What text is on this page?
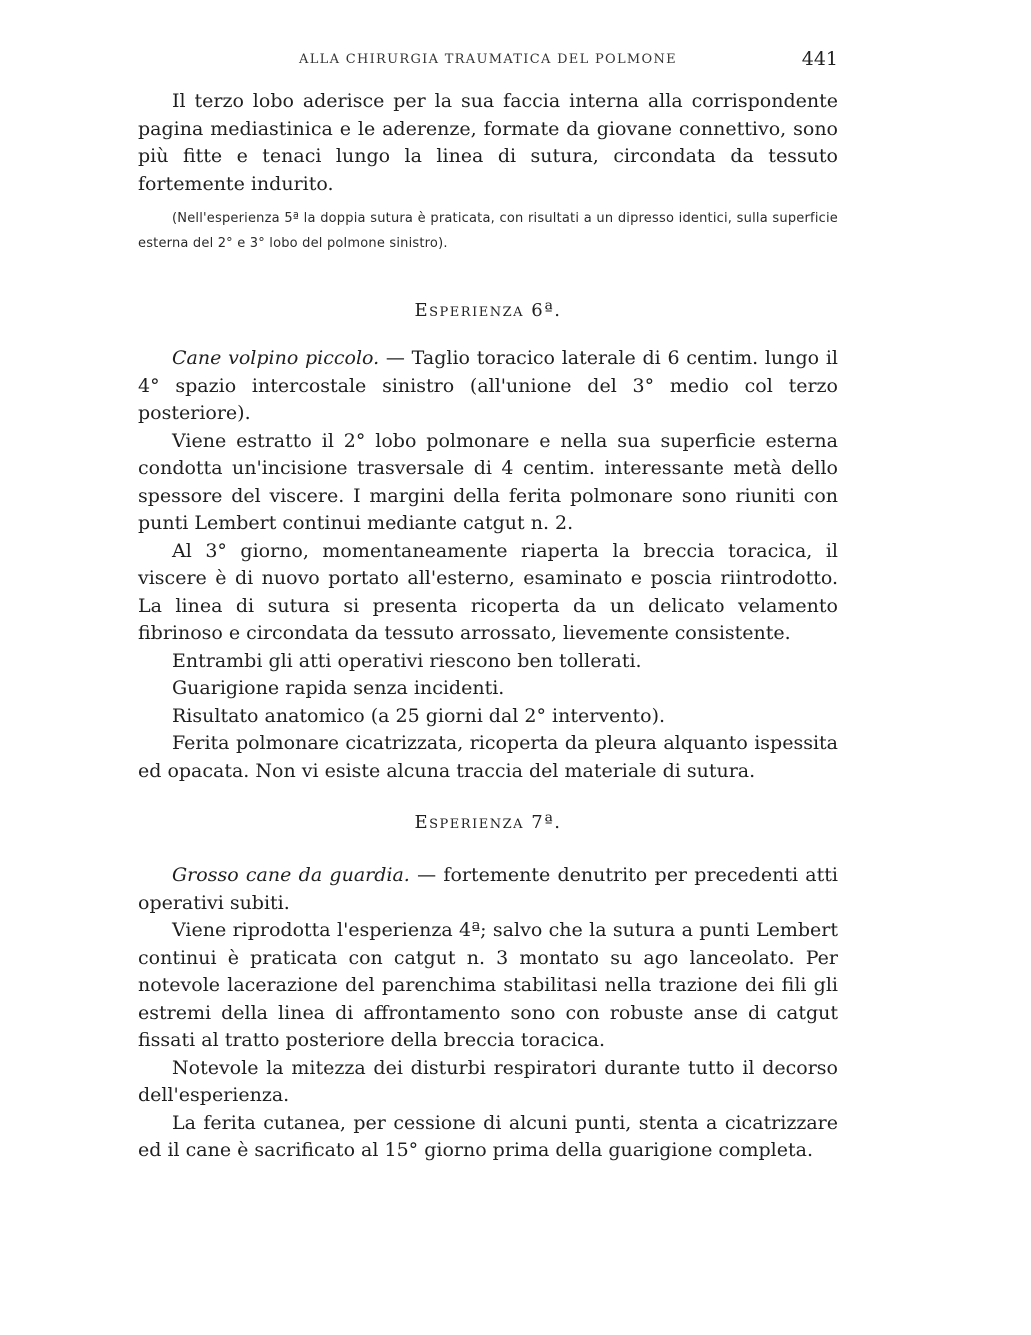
ALLA CHIRURGIA TRAUMATICA DEL POLMONE	441

Il terzo lobo aderisce per la sua faccia interna alla corrispondente pagina mediastinica e le aderenze, formate da giovane connettivo, sono più fitte e tenaci lungo la linea di sutura, circondata da tessuto fortemente indurito.

(Nell'esperienza 5ª la doppia sutura è praticata, con risultati a un dipresso identici, sulla superficie esterna del 2° e 3° lobo del polmone sinistro).

Esperienza 6ª.

Cane volpino piccolo. — Taglio toracico laterale di 6 centim. lungo il 4° spazio intercostale sinistro (all'unione del 3° medio col terzo posteriore).

Viene estratto il 2° lobo polmonare e nella sua superficie esterna condotta un'incisione trasversale di 4 centim. interessante metà dello spessore del viscere. I margini della ferita polmonare sono riuniti con punti Lembert continui mediante catgut n. 2.

Al 3° giorno, momentaneamente riaperta la breccia toracica, il viscere è di nuovo portato all'esterno, esaminato e poscia riintrodotto. La linea di sutura si presenta ricoperta da un delicato velamento fibrinoso e circondata da tessuto arrossato, lievemente consistente.

Entrambi gli atti operativi riescono ben tollerati.

Guarigione rapida senza incidenti.

Risultato anatomico (a 25 giorni dal 2° intervento).

Ferita polmonare cicatrizzata, ricoperta da pleura alquanto ispessita ed opacata. Non vi esiste alcuna traccia del materiale di sutura.

Esperienza 7ª.

Grosso cane da guardia. — fortemente denutrito per precedenti atti operativi subiti.

Viene riprodotta l'esperienza 4ª; salvo che la sutura a punti Lembert continui è praticata con catgut n. 3 montato su ago lanceolato. Per notevole lacerazione del parenchima stabilitasi nella trazione dei fili gli estremi della linea di affrontamento sono con robuste anse di catgut fissati al tratto posteriore della breccia toracica.

Notevole la mitezza dei disturbi respiratori durante tutto il decorso dell'esperienza.

La ferita cutanea, per cessione di alcuni punti, stenta a cicatrizzare ed il cane è sacrificato al 15° giorno prima della guarigione completa.
